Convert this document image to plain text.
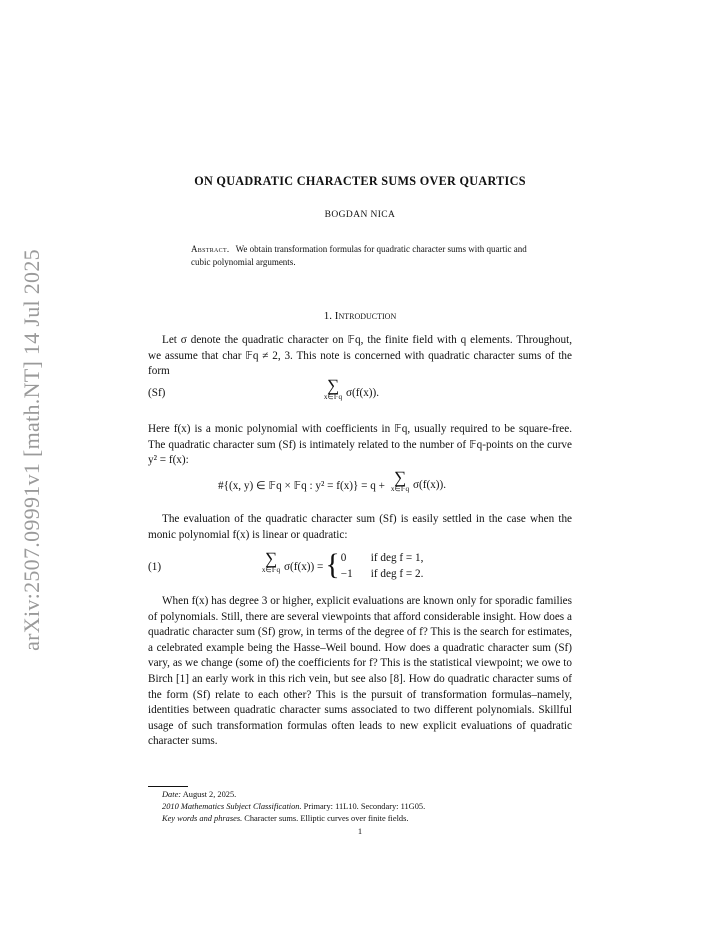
arXiv:2507.09991v1 [math.NT] 14 Jul 2025
ON QUADRATIC CHARACTER SUMS OVER QUARTICS
BOGDAN NICA
Abstract. We obtain transformation formulas for quadratic character sums with quartic and cubic polynomial arguments.
1. Introduction

Let σ denote the quadratic character on 𝔽q, the finite field with q elements. Throughout, we assume that char 𝔽q ≠ 2, 3. This note is concerned with quadratic character sums of the form

(Sf)	∑
x∈𝔽q σ(f(x)).

Here f(x) is a monic polynomial with coefficients in 𝔽q, usually required to be square-free. The quadratic character sum (Sf) is intimately related to the number of 𝔽q-points on the curve y² = f(x):

#{(x, y) ∈ 𝔽q × 𝔽q : y² = f(x)} = q + ∑
x∈𝔽q σ(f(x)).

The evaluation of the quadratic character sum (Sf) is easily settled in the case when the monic polynomial f(x) is linear or quadratic:

(1)	∑
x∈𝔽q σ(f(x)) = { 0 if deg f = 1,
−1 if deg f = 2.

When f(x) has degree 3 or higher, explicit evaluations are known only for sporadic families of polynomials. Still, there are several viewpoints that afford considerable insight. How does a quadratic character sum (Sf) grow, in terms of the degree of f? This is the search for estimates, a celebrated example being the Hasse–Weil bound. How does a quadratic character sum (Sf) vary, as we change (some of) the coefficients for f? This is the statistical viewpoint; we owe to Birch [1] an early work in this rich vein, but see also [8]. How do quadratic character sums of the form (Sf) relate to each other? This is the pursuit of transformation formulas–namely, identities between quadratic character sums associated to two different polynomials. Skillful usage of such transformation formulas often leads to new explicit evaluations of quadratic character sums.

Date: August 2, 2025.
2010 Mathematics Subject Classification. Primary: 11L10. Secondary: 11G05.
Key words and phrases. Character sums. Elliptic curves over finite fields.
1
